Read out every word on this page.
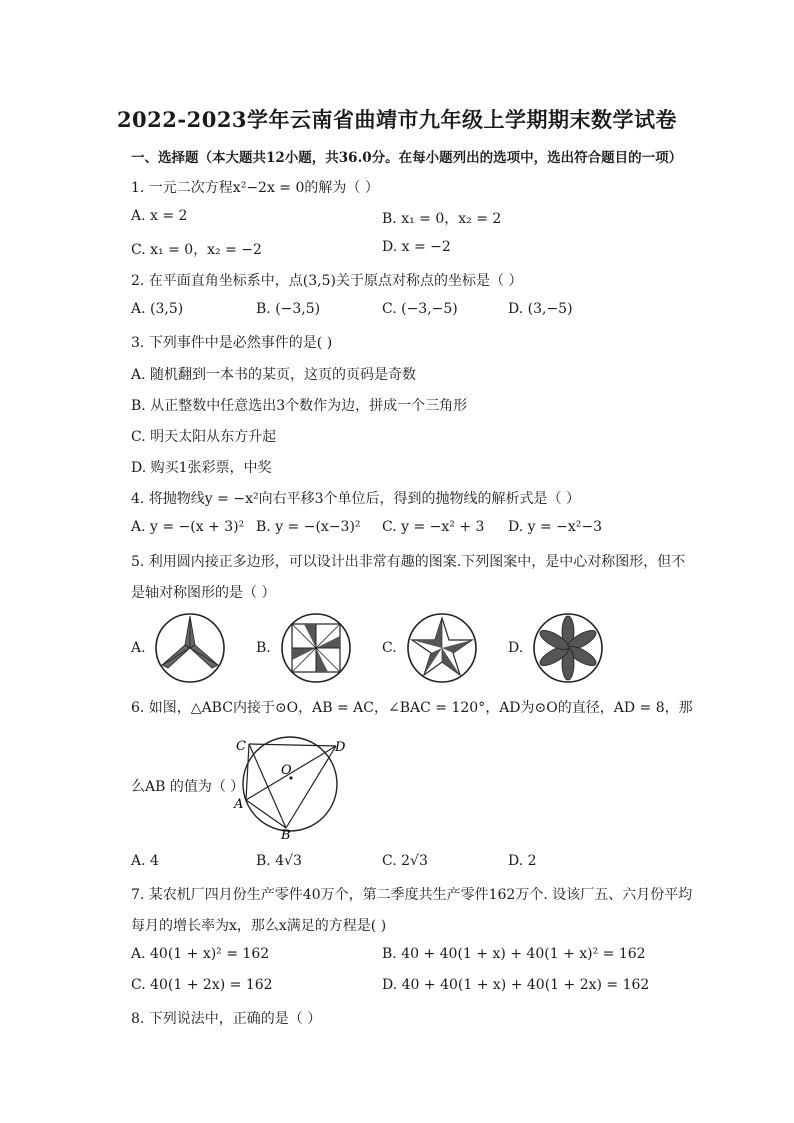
2022-2023学年云南省曲靖市九年级上学期期末数学试卷
一、选择题（本大题共12小题，共36.0分。在每小题列出的选项中，选出符合题目的一项）
1. 一元二次方程x²−2x = 0的解为（ ）
A. x = 2	B. x₁ = 0，x₂ = 2
C. x₁ = 0，x₂ = −2	D. x = −2
2. 在平面直角坐标系中，点(3,5)关于原点对称点的坐标是（ ）
A. (3,5)	B. (−3,5)	C. (−3,−5)	D. (3,−5)
3. 下列事件中是必然事件的是( )
A. 随机翻到一本书的某页，这页的页码是奇数
B. 从正整数中任意选出3个数作为边，拼成一个三角形
C. 明天太阳从东方升起
D. 购买1张彩票，中奖
4. 将抛物线y = −x²向右平移3个单位后，得到的抛物线的解析式是（ ）
A. y = −(x + 3)² B. y = −(x−3)² C. y = −x² + 3 D. y = −x²−3
5. 利用圆内接正多边形，可以设计出非常有趣的图案.下列图案中，是中心对称图形，但不
是轴对称图形的是（ ）
A.	B.	C.	D.
6. 如图，△ABC内接于⊙O，AB = AC，∠BAC = 120°，AD为⊙O的直径，AD = 8，那
么AB 的值为（ ）
C	D
O
A
B
A. 4	B. 4√3	C. 2√3	D. 2
7. 某农机厂四月份生产零件40万个，第二季度共生产零件162万个. 设该厂五、六月份平均
每月的增长率为x，那么x满足的方程是( )
A. 40(1 + x)² = 162	B. 40 + 40(1 + x) + 40(1 + x)² = 162
C. 40(1 + 2x) = 162	D. 40 + 40(1 + x) + 40(1 + 2x) = 162
8. 下列说法中，正确的是（ ）
